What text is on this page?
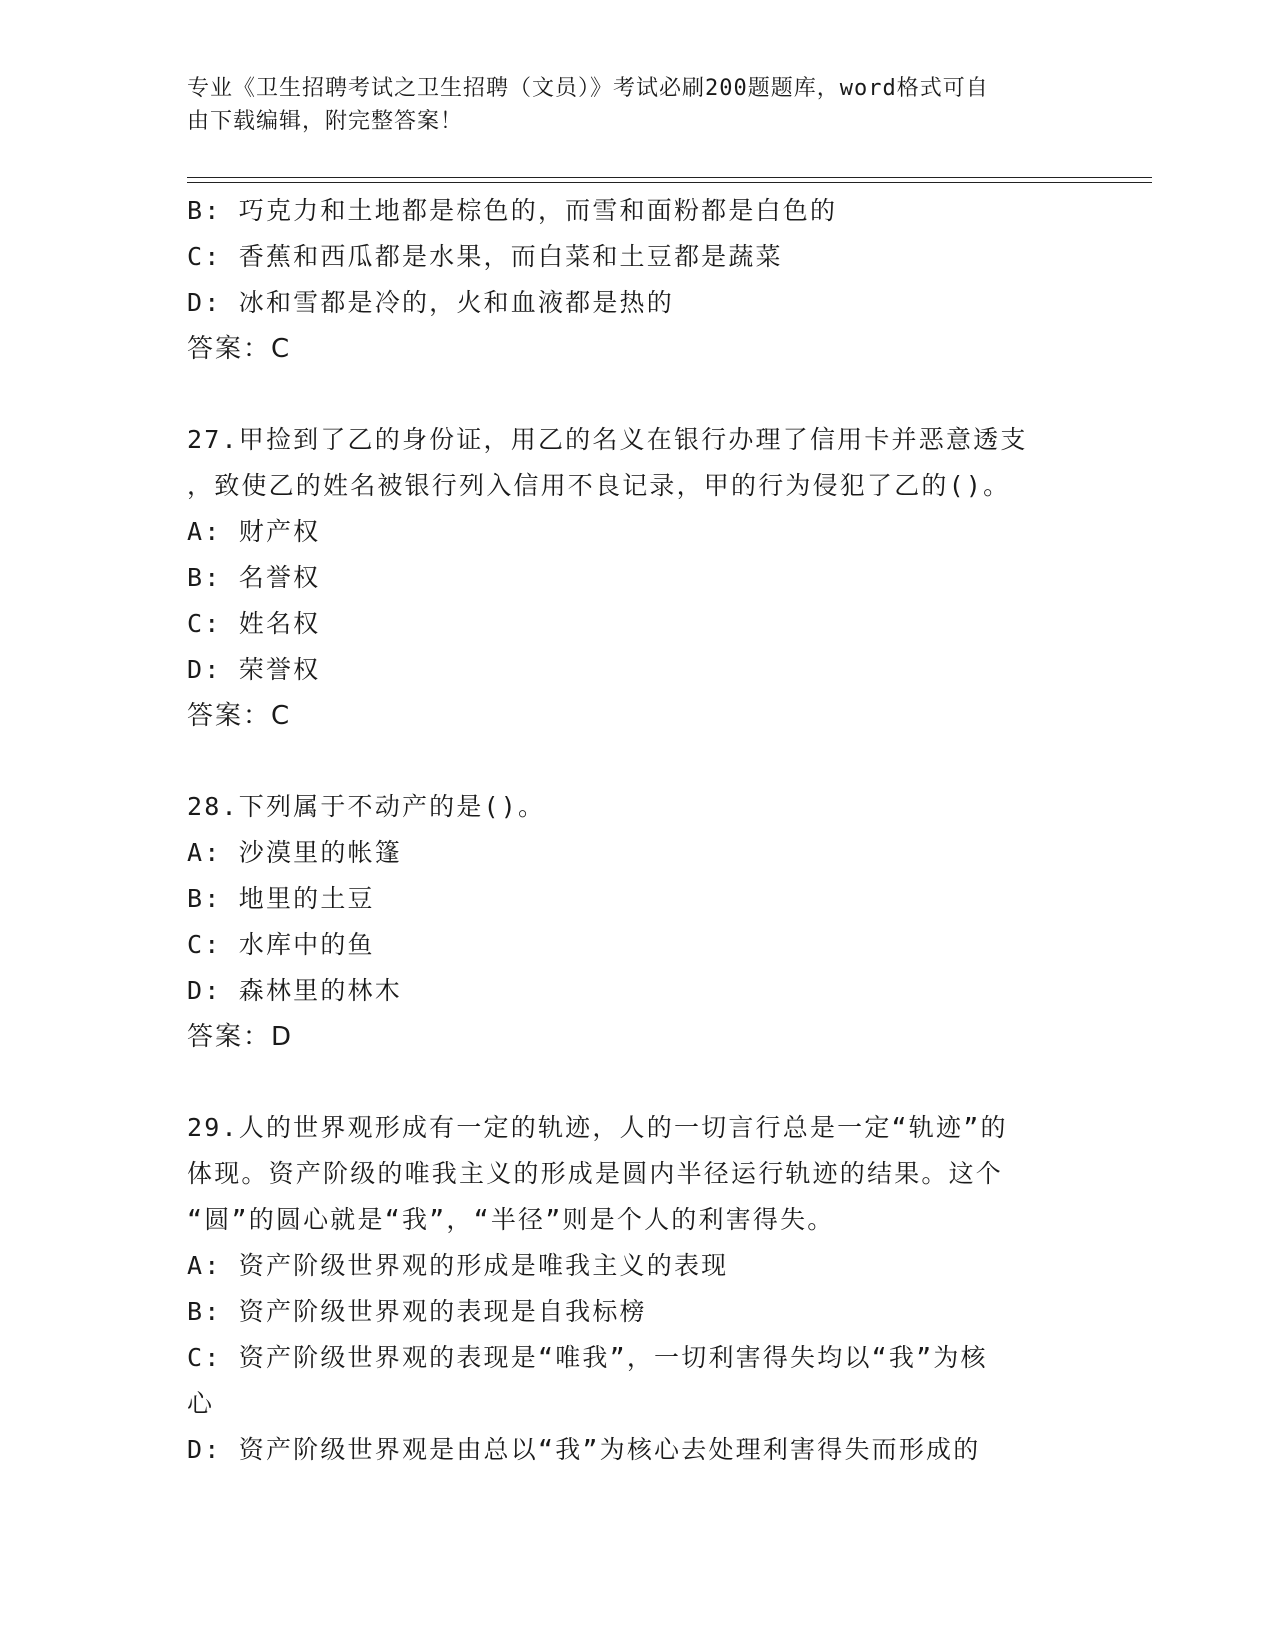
专业《卫生招聘考试之卫生招聘（文员）》考试必刷200题题库，word格式可自
由下载编辑，附完整答案！
B: 巧克力和土地都是棕色的，而雪和面粉都是白色的
C: 香蕉和西瓜都是水果，而白菜和土豆都是蔬菜
D: 冰和雪都是冷的，火和血液都是热的
答案：C
27.甲捡到了乙的身份证，用乙的名义在银行办理了信用卡并恶意透支
，致使乙的姓名被银行列入信用不良记录，甲的行为侵犯了乙的()。
A: 财产权
B: 名誉权
C: 姓名权
D: 荣誉权
答案：C
28.下列属于不动产的是()。
A: 沙漠里的帐篷
B: 地里的土豆
C: 水库中的鱼
D: 森林里的林木
答案：D
29.人的世界观形成有一定的轨迹，人的一切言行总是一定“轨迹”的
体现。资产阶级的唯我主义的形成是圆内半径运行轨迹的结果。这个
“圆”的圆心就是“我”，“半径”则是个人的利害得失。
A: 资产阶级世界观的形成是唯我主义的表现
B: 资产阶级世界观的表现是自我标榜
C: 资产阶级世界观的表现是“唯我”，一切利害得失均以“我”为核
心
D: 资产阶级世界观是由总以“我”为核心去处理利害得失而形成的
